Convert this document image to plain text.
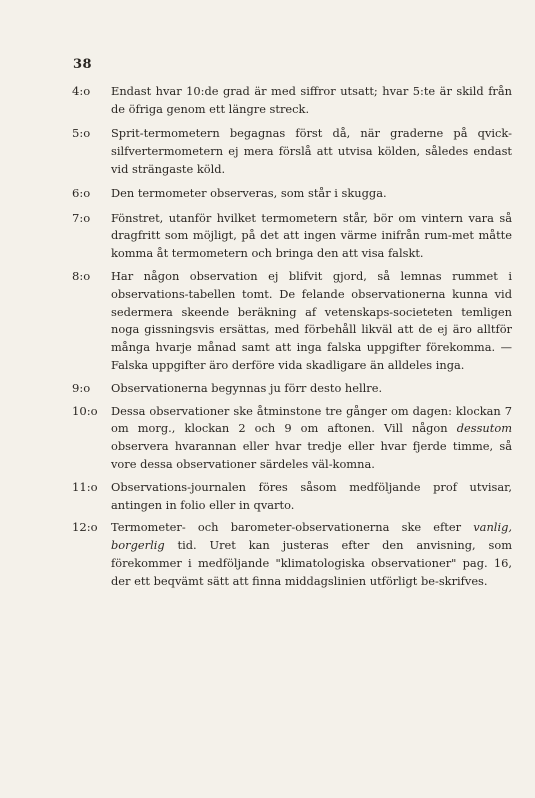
38
4:o	Endast hvar 10:de grad är med siffror utsatt; hvar 5:te är skild från de öfriga genom ett längre streck.
5:o	Sprit-termometern begagnas först då, när graderne på qvick-silfvertermometern ej mera förslå att utvisa kölden, således endast vid strängaste köld.
6:o	Den termometer observeras, som står i skugga.
7:o	Fönstret, utanför hvilket termometern står, bör om vintern vara så dragfritt som möjligt, på det att ingen värme inifrån rum-met måtte komma åt termometern och bringa den att visa falskt.
8:o	Har någon observation ej blifvit gjord, så lemnas rummet i observations-tabellen tomt. De felande observationerna kunna vid sedermera skeende beräkning af vetenskaps-societeten temligen noga gissningsvis ersättas, med förbehåll likväl att de ej äro alltför många hvarje månad samt att inga falska uppgifter förekomma. — Falska uppgifter äro derföre vida skadligare än alldeles inga.
9:o	Observationerna begynnas ju förr desto hellre.
10:o	Dessa observationer ske åtminstone tre gånger om dagen: klockan 7 om morg., klockan 2 och 9 om aftonen. Vill någon dessutom observera hvarannan eller hvar tredje eller hvar fjerde timme, så vore dessa observationer särdeles väl-komna.
11:o	Observations-journalen föres såsom medföljande prof utvisar, antingen in folio eller in qvarto.
12:o	Termometer- och barometer-observationerna ske efter vanlig, borgerlig tid. Uret kan justeras efter den anvisning, som förekommer i medföljande "klimatologiska observationer" pag. 16, der ett beqvämt sätt att finna middagslinien utförligt be-skrifves.
